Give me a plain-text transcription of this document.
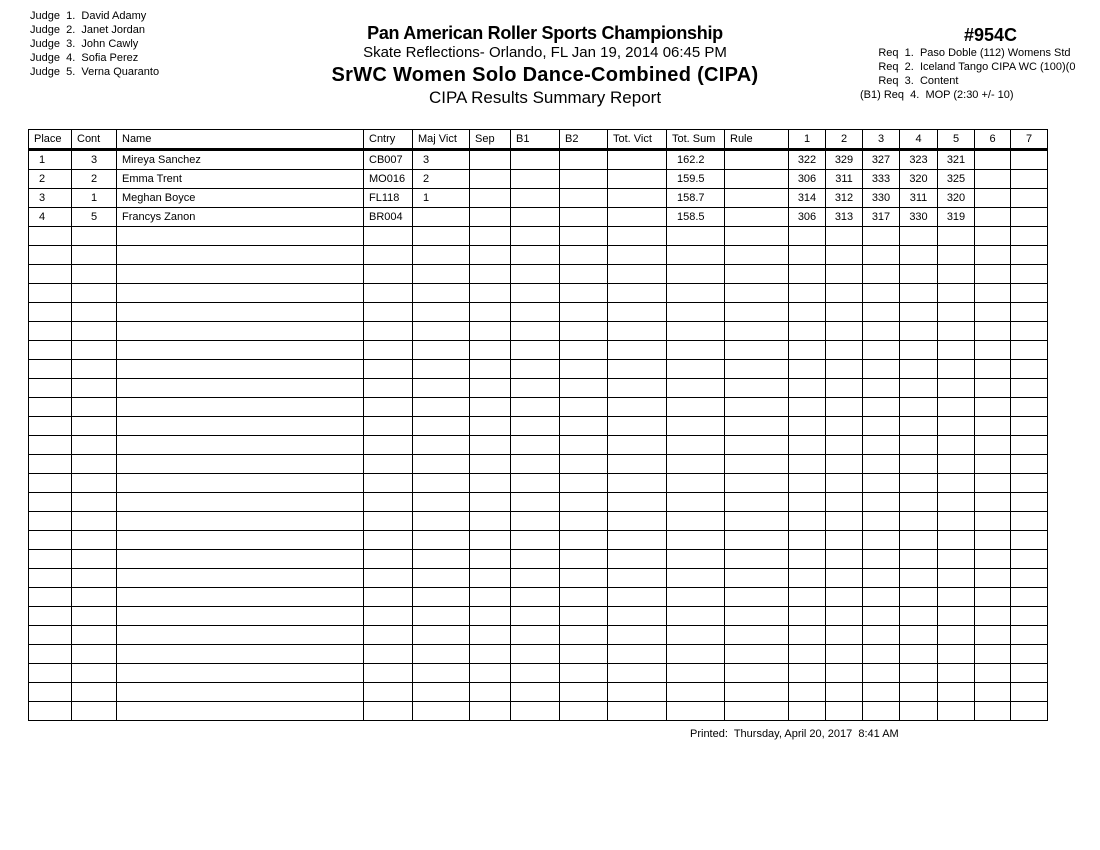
Judge 1. David Adamy
Judge 2. Janet Jordan
Judge 3. John Cawly
Judge 4. Sofia Perez
Judge 5. Verna Quaranto
Pan American Roller Sports Championship
Skate Reflections- Orlando, FL Jan 19, 2014 06:45 PM
SrWC Women Solo Dance-Combined (CIPA)
CIPA Results Summary Report
#954C
Req  1. Paso Doble (112) Womens Std
Req  2. Iceland Tango CIPA WC (100)(0
Req  3. Content
(B1) Req  4. MOP (2:30 +/- 10)
Place	Cont	Name	Cntry	Maj Vict	Sep	B1	B2	Tot. Vict	Tot. Sum	Rule	1	2	3	4	5	6	7
1	3	Mireya Sanchez	CB007	3					162.2		322	329	327	323	321		
2	2	Emma Trent	MO016	2					159.5		306	311	333	320	325		
3	1	Meghan Boyce	FL118	1					158.7		314	312	330	311	320		
4	5	Francys Zanon	BR004						158.5		306	313	317	330	319		

Printed:  Thursday, April 20, 2017  8:41 AM
